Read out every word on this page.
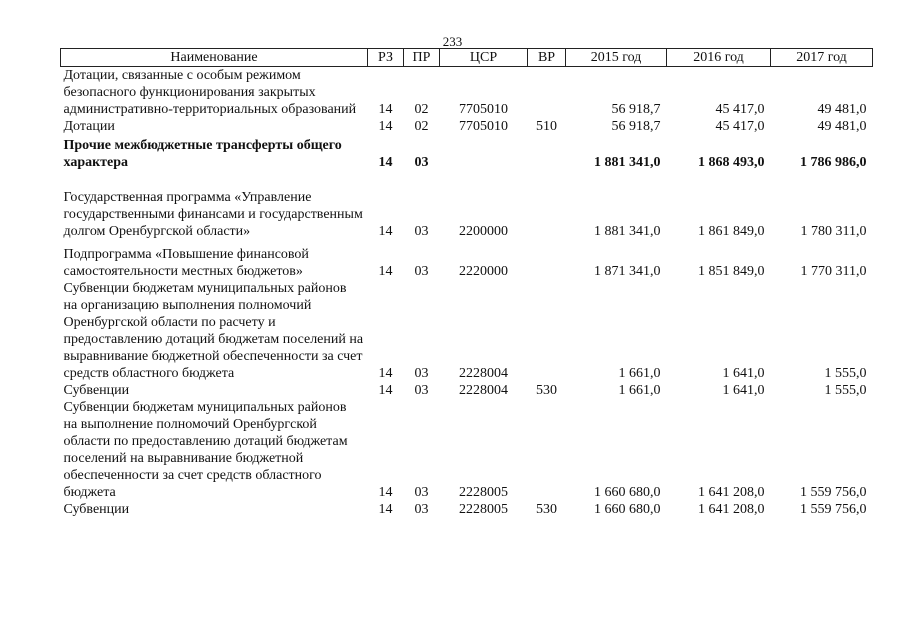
233
Наименование	РЗ	ПР	ЦСР	ВР	2015 год	2016 год	2017 год
Дотации, связанные с особым режимом безопасного функционирования закрытых административно-территориальных образований	14	02	7705010		56 918,7	45 417,0	49 481,0
Дотации	14	02	7705010	510	56 918,7	45 417,0	49 481,0
Прочие межбюджетные трансферты общего характера	14	03			1 881 341,0	1 868 493,0	1 786 986,0
Государственная программа «Управление государственными финансами и государственным долгом Оренбургской области»	14	03	2200000		1 881 341,0	1 861 849,0	1 780 311,0
Подпрограмма «Повышение финансовой самостоятельности местных бюджетов»	14	03	2220000		1 871 341,0	1 851 849,0	1 770 311,0
Субвенции бюджетам муниципальных районов на организацию выполнения полномочий Оренбургской области по расчету и предоставлению дотаций бюджетам поселений на выравнивание бюджетной обеспеченности за счет средств областного бюджета	14	03	2228004		1 661,0	1 641,0	1 555,0
Субвенции	14	03	2228004	530	1 661,0	1 641,0	1 555,0
Субвенции бюджетам муниципальных районов на выполнение полномочий Оренбургской области по предоставлению дотаций бюджетам поселений на выравнивание бюджетной обеспеченности за счет средств областного бюджета	14	03	2228005		1 660 680,0	1 641 208,0	1 559 756,0
Субвенции	14	03	2228005	530	1 660 680,0	1 641 208,0	1 559 756,0
